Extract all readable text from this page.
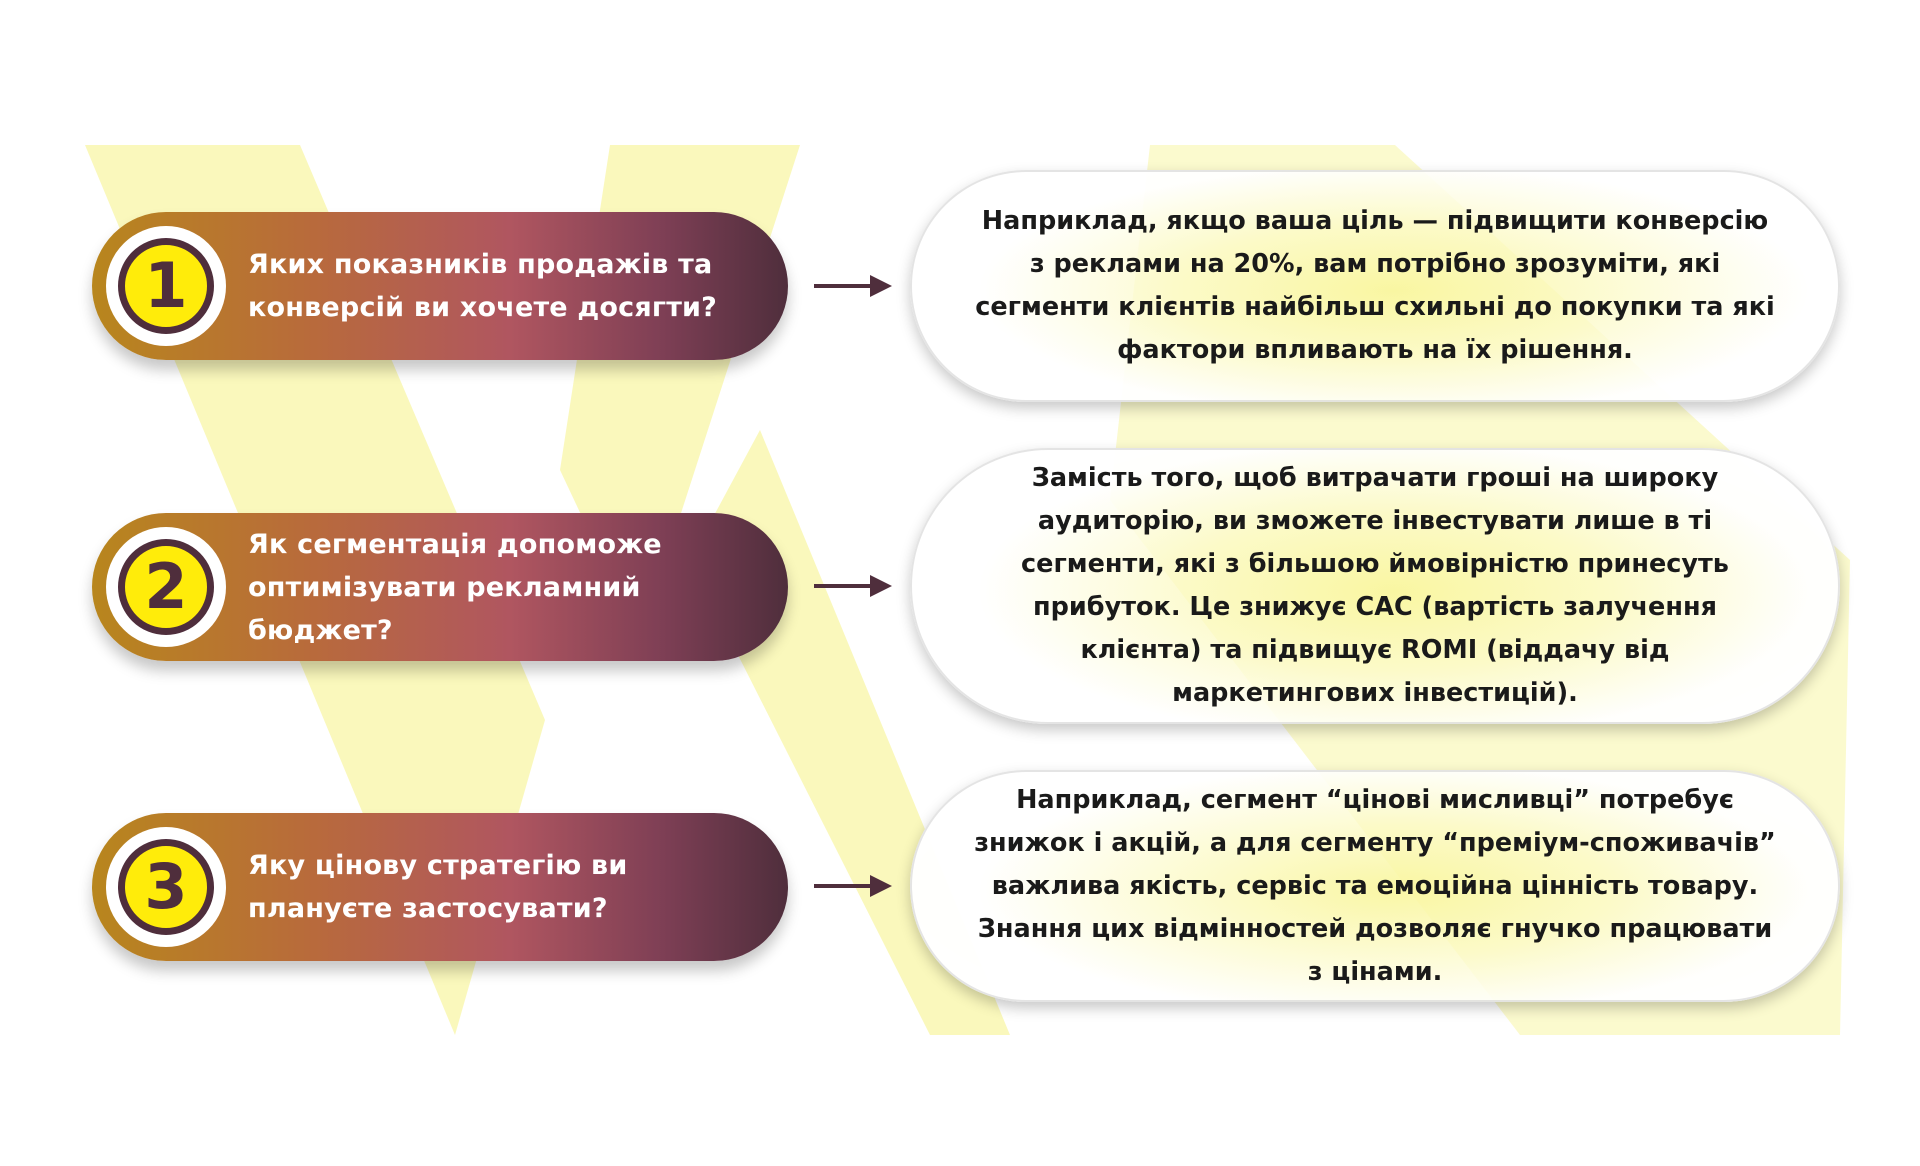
1	Яких показників продажів та конверсій ви хочете досягти?
Наприклад, якщо ваша ціль — підвищити конверсію з реклами на 20%, вам потрібно зрозуміти, які сегменти клієнтів найбільш схильні до покупки та які фактори впливають на їх рішення.
2
Як сегментація допоможе оптимізувати рекламний бюджет?
Замість того, щоб витрачати гроші на широку аудиторію, ви зможете інвестувати лише в ті сегменти, які з більшою ймовірністю принесуть прибуток. Це знижує CAC (вартість залучення клієнта) та підвищує ROMI (віддачу від маркетингових інвестицій).
3	Яку цінову стратегію ви плануєте застосувати?
Наприклад, сегмент “цінові мисливці” потребує знижок і акцій, а для сегменту “преміум-споживачів” важлива якість, сервіс та емоційна цінність товару. Знання цих відмінностей дозволяє гнучко працювати з цінами.
